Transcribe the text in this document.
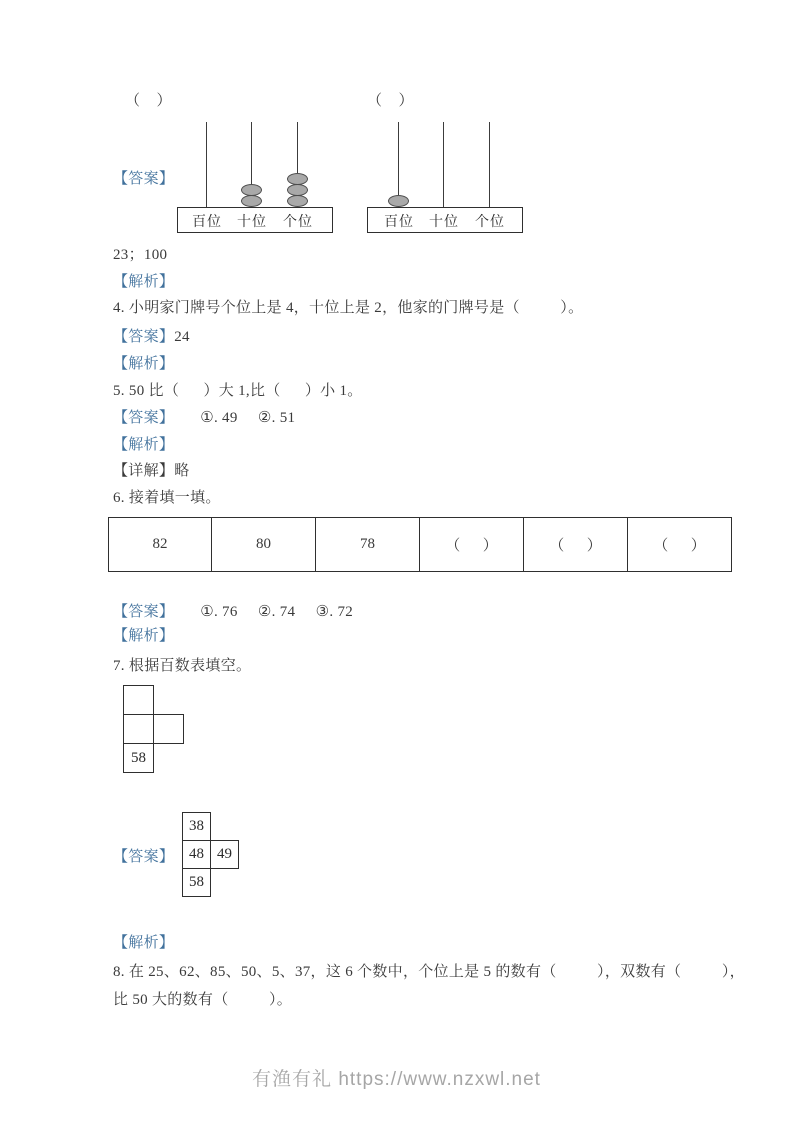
（    ）	（    ）
百位	十位	个位	百位	十位	个位
【答案】
23；100
【解析】
4. 小明家门牌号个位上是 4，十位上是 2，他家的门牌号是（          ）。
【答案】24
【解析】
5. 50 比（      ）大 1,比（      ）小 1。
【答案】 ①. 49     ②. 51
【解析】
【详解】略
6. 接着填一填。
82	80	78	（      ）	（      ）	（      ）
【答案】 ①. 76     ②. 74     ③. 72
【解析】
7. 根据百数表填空。
58
【答案】
38
48 49
58
【解析】
8. 在 25、62、85、50、5、37，这 6 个数中，个位上是 5 的数有（          ），双数有（          ），
比 50 大的数有（          ）。
有渔有礼 https://www.nzxwl.net
